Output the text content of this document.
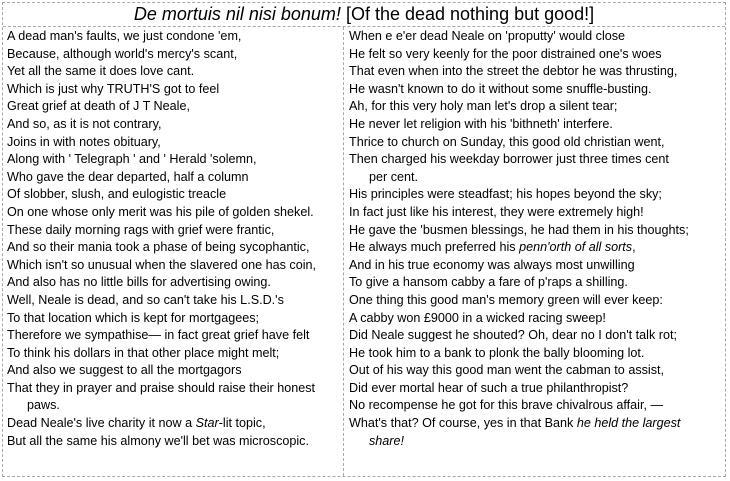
De mortuis nil nisi bonum! [Of the dead nothing but good!]
A dead man's faults, we just condone 'em,
Because, although world's mercy's scant,
Yet all the same it does love cant.
Which is just why TRUTH'S got to feel
Great grief at death of J T Neale,
And so, as it is not contrary,
Joins in with notes obituary,
Along with ' Telegraph ' and ' Herald 'solemn,
Who gave the dear departed, half a column
Of slobber, slush, and eulogistic treacle
On one whose only merit was his pile of golden shekel.
These daily morning rags with grief were frantic,
And so their mania took a phase of being sycophantic,
Which isn't so unusual when the slavered one has coin,
And also has no little bills for advertising owing.
Well, Neale is dead, and so can't take his L.S.D.'s
To that location which is kept for mortgagees;
Therefore we sympathise— in fact great grief have felt
To think his dollars in that other place might melt;
And also we suggest to all the mortgagors
That they in prayer and praise should raise their honest
paws.
Dead Neale's live charity it now a Star-lit topic,
But all the same his almony we'll bet was microscopic.
When e e'er dead Neale on 'proputty' would close
He felt so very keenly for the poor distrained one's woes
That even when into the street the debtor he was thrusting,
He wasn't known to do it without some snuffle-busting.
Ah, for this very holy man let's drop a silent tear;
He never let religion with his 'bithneth' interfere.
Thrice to church on Sunday, this good old christian went,
Then charged his weekday borrower just three times cent
per cent.
His principles were steadfast; his hopes beyond the sky;
In fact just like his interest, they were extremely high!
He gave the 'busmen blessings, he had them in his thoughts;
He always much preferred his penn'orth of all sorts,
And in his true economy was always most unwilling
To give a hansom cabby a fare of p'raps a shilling.
One thing this good man's memory green will ever keep:
A cabby won £9000 in a wicked racing sweep!
Did Neale suggest he shouted? Oh, dear no I don't talk rot;
He took him to a bank to plonk the bally blooming lot.
Out of his way this good man went the cabman to assist,
Did ever mortal hear of such a true philanthropist?
No recompense he got for this brave chivalrous affair, —
What's that? Of course, yes in that Bank he held the largest
share!
